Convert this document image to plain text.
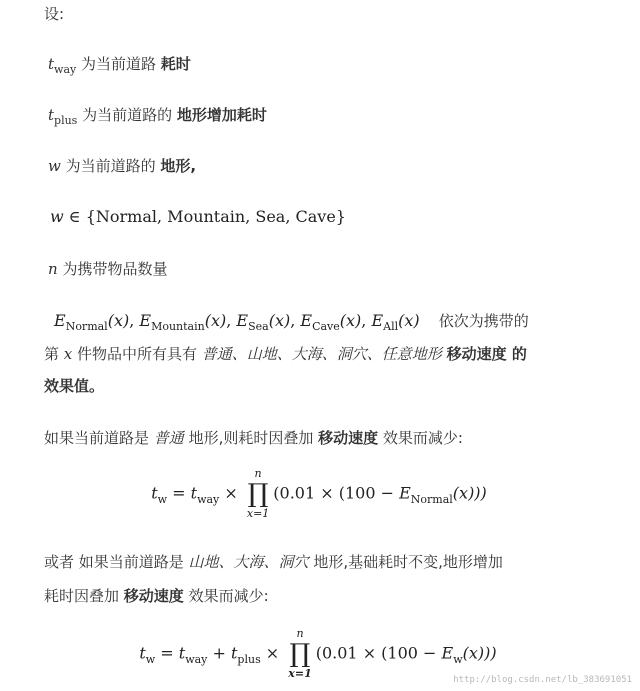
设:
$t_{way}$ 为当前道路 耗时
$t_{plus}$ 为当前道路的 地形增加耗时
w 为当前道路的 地形,
w ∈ {Normal, Mountain, Sea, Cave}
n 为携带物品数量
$E_{Normal}(x)$, $E_{Mountain}(x)$, $E_{Sea}(x)$, $E_{Cave}(x)$, $E_{All}(x)$ 依次为携带的
第 x 件物品中所有具有 普通、山地、大海、洞穴、任意地形 移动速度 的
效果值。
如果当前道路是 普通 地形,则耗时因叠加 移动速度 效果而减少:
$t_w = t_{way}$ ×
n
∏
x=1
$(0.01 \times (100 - E_{Normal}(x)))$
或者 如果当前道路是 山地、大海、洞穴 地形,基础耗时不变,地形增加
耗时因叠加 移动速度 效果而减少:
$t_w = t_{way} + t_{plus}$ ×
n
∏
x=1
$(0.01 \times (100 - E_w(x)))$
http://blog.csdn.net/lb_383691051
